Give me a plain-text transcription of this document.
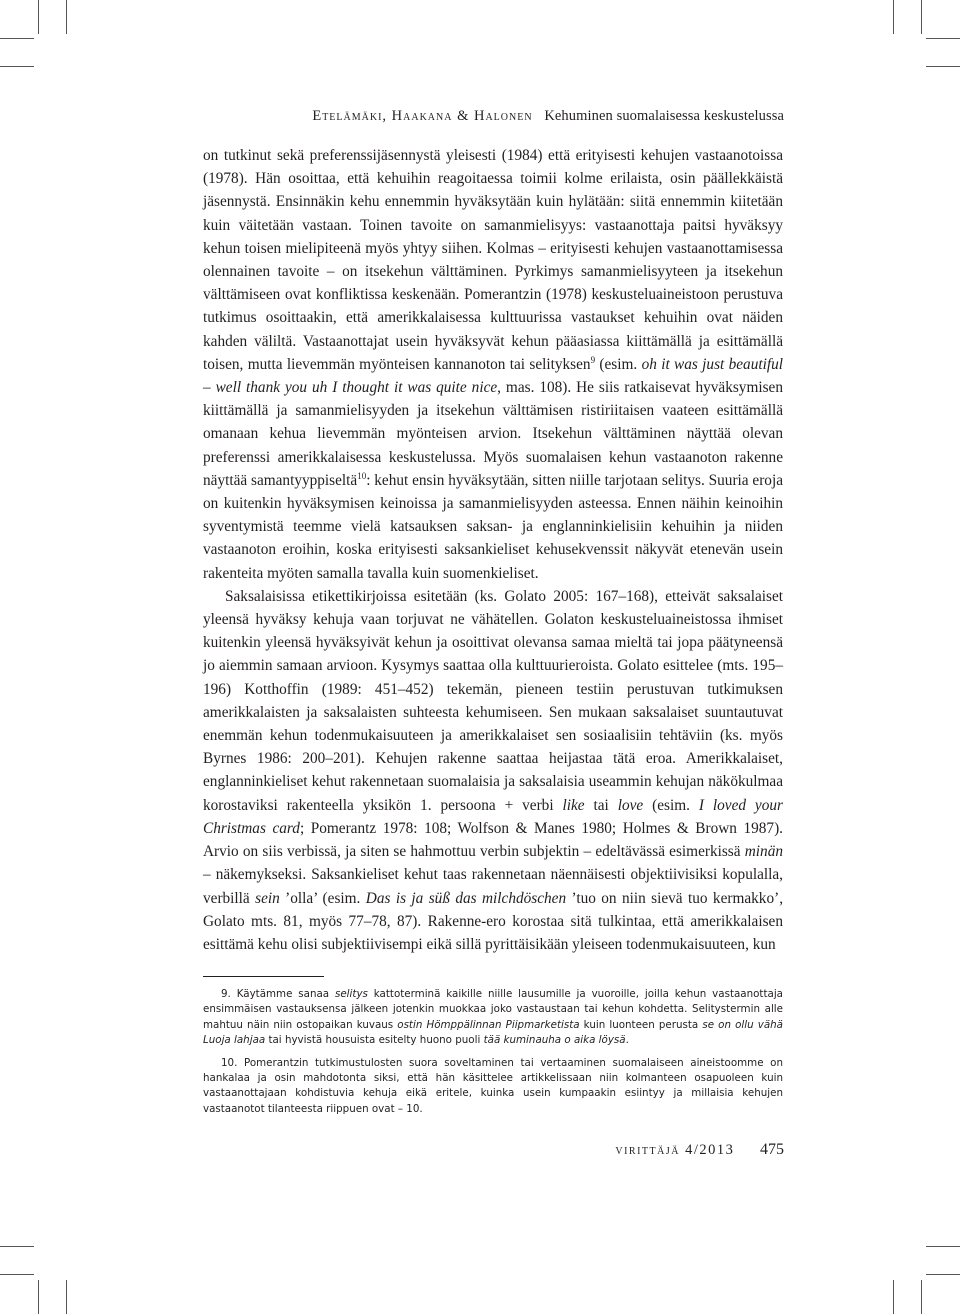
Etelämäki, Haakana & Halonen Kehuminen suomalaisessa keskustelussa

on tutkinut sekä preferenssijäsennystä yleisesti (1984) että erityisesti kehujen vastaanotoissa (1978). Hän osoittaa, että kehuihin reagoitaessa toimii kolme erilaista, osin päällekkäistä jäsennystä. Ensinnäkin kehu ennemmin hyväksytään kuin hylätään: siitä ennemmin kiitetään kuin väitetään vastaan. Toinen tavoite on samanmielisyys: vastaanottaja paitsi hyväksyy kehun toisen mielipiteenä myös yhtyy siihen. Kolmas – erityisesti kehujen vastaanottamisessa olennainen tavoite – on itsekehun välttäminen. Pyrkimys samanmielisyyteen ja itsekehun välttämiseen ovat konfliktissa keskenään. Pomerantzin (1978) keskusteluaineistoon perustuva tutkimus osoittaakin, että amerikkalaisessa kulttuurissa vastaukset kehuihin ovat näiden kahden väliltä. Vastaanottajat usein hyväksyvät kehun pääasiassa kiittämällä ja esittämällä toisen, mutta lievemmän myönteisen kannanoton tai selityksen$^9$ (esim. oh it was just beautiful – well thank you uh I thought it was quite nice, mas. 108). He siis ratkaisevat hyväksymisen kiittämällä ja samanmielisyyden ja itsekehun välttämisen ristiriitaisen vaateen esittämällä omanaan kehua lievemmän myönteisen arvion. Itsekehun välttäminen näyttää olevan preferenssi amerikkalaisessa keskustelussa. Myös suomalaisen kehun vastaanoton rakenne näyttää samantyyppiseltä$^{10}$: kehut ensin hyväksytään, sitten niille tarjotaan selitys. Suuria eroja on kuitenkin hyväksymisen keinoissa ja samanmielisyyden asteessa. Ennen näihin keinoihin syventymistä teemme vielä katsauksen saksan- ja englanninkielisiin kehuihin ja niiden vastaanoton eroihin, koska erityisesti saksankieliset kehusekvenssit näkyvät etenevän usein rakenteita myöten samalla tavalla kuin suomenkieliset.

Saksalaisissa etikettikirjoissa esitetään (ks. Golato 2005: 167–168), etteivät saksalaiset yleensä hyväksy kehuja vaan torjuvat ne vähätellen. Golaton keskusteluaineistossa ihmiset kuitenkin yleensä hyväksyivät kehun ja osoittivat olevansa samaa mieltä tai jopa päätyneensä jo aiemmin samaan arvioon. Kysymys saattaa olla kulttuurieroista. Golato esittelee (mts. 195–196) Kotthoffin (1989: 451–452) tekemän, pieneen testiin perustuvan tutkimuksen amerikkalaisten ja saksalaisten suhteesta kehumiseen. Sen mukaan saksalaiset suuntautuvat enemmän kehun todenmukaisuuteen ja amerikkalaiset sen sosiaalisiin tehtäviin (ks. myös Byrnes 1986: 200–201). Kehujen rakenne saattaa heijastaa tätä eroa. Amerikkalaiset, englanninkieliset kehut rakennetaan suomalaisia ja saksalaisia useammin kehujan näkökulmaa korostaviksi rakenteella yksikön 1. persoona + verbi like tai love (esim. I loved your Christmas card; Pomerantz 1978: 108; Wolfson & Manes 1980; Holmes & Brown 1987). Arvio on siis verbissä, ja siten se hahmottuu verbin subjektin – edeltävässä esimerkissä minän – näkemykseksi. Saksankieliset kehut taas rakennetaan näennäisesti objektiivisiksi kopulalla, verbillä sein ’olla’ (esim. Das is ja süß das milchdöschen ’tuo on niin sievä tuo kermakko’, Golato mts. 81, myös 77–78, 87). Rakenne-ero korostaa sitä tulkintaa, että amerikkalaisen esittämä kehu olisi subjektiivisempi eikä sillä pyrittäisikään yleiseen todenmukaisuuteen, kun

9. Käytämme sanaa selitys kattoterminä kaikille niille lausumille ja vuoroille, joilla kehun vastaanottaja ensimmäisen vastauksensa jälkeen jotenkin muokkaa joko vastaustaan tai kehun kohdetta. Selitystermin alle mahtuu näin niin ostopaikan kuvaus ostin Hömppälinnan Piipmarketista kuin luonteen perusta se on ollu vähä Luoja lahjaa tai hyvistä housuista esitelty huono puoli tää kuminauha o aika löysä.

10. Pomerantzin tutkimustulosten suora soveltaminen tai vertaaminen suomalaiseen aineistoomme on hankalaa ja osin mahdotonta siksi, että hän käsittelee artikkelissaan niin kolmanteen osapuoleen kuin vastaanottajaan kohdistuvia kehuja eikä eritele, kuinka usein kumpaakin esiintyy ja millaisia kehujen vastaanotot tilanteesta riippuen ovat – 10.

virittäjä 4/2013 475
